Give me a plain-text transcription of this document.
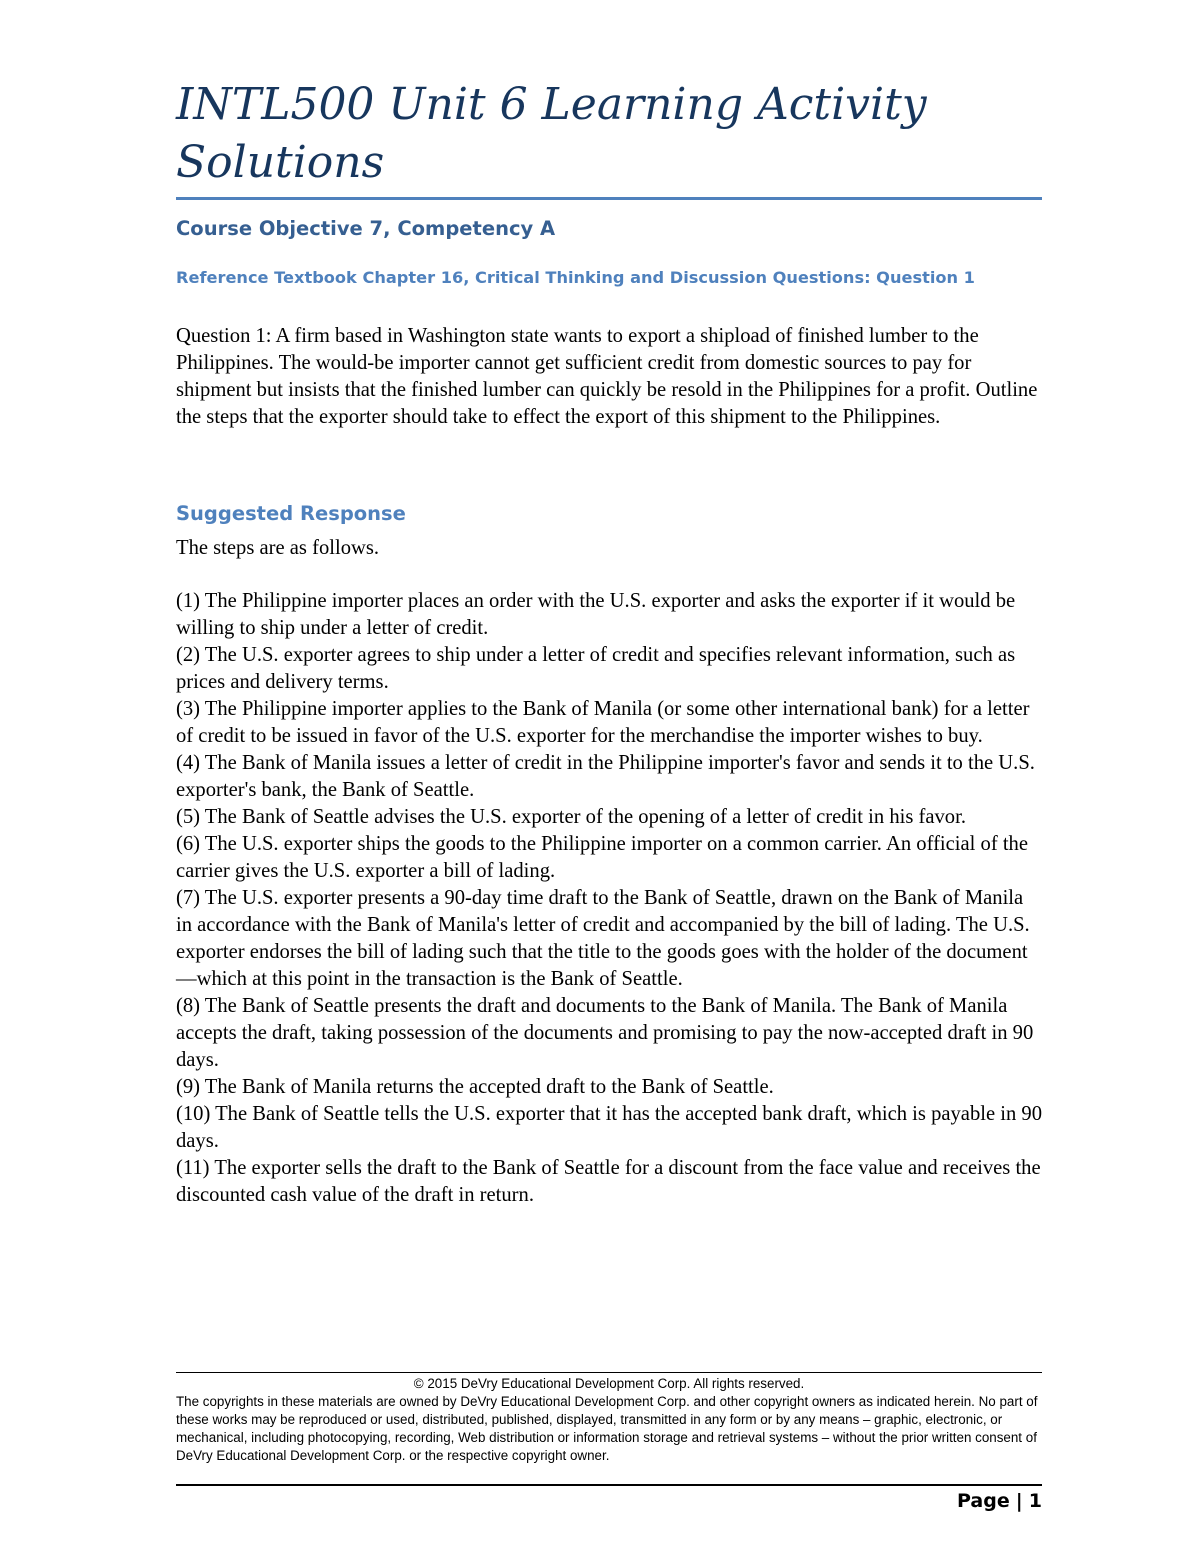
INTL500 Unit 6 Learning Activity Solutions
Course Objective 7, Competency A
Reference Textbook Chapter 16, Critical Thinking and Discussion Questions: Question 1

Question 1: A firm based in Washington state wants to export a shipload of finished lumber to the Philippines. The would-be importer cannot get sufficient credit from domestic sources to pay for shipment but insists that the finished lumber can quickly be resold in the Philippines for a profit. Outline the steps that the exporter should take to effect the export of this shipment to the Philippines.

Suggested Response

The steps are as follows.

(1) The Philippine importer places an order with the U.S. exporter and asks the exporter if it would be willing to ship under a letter of credit.
(2) The U.S. exporter agrees to ship under a letter of credit and specifies relevant information, such as prices and delivery terms.
(3) The Philippine importer applies to the Bank of Manila (or some other international bank) for a letter of credit to be issued in favor of the U.S. exporter for the merchandise the importer wishes to buy.
(4) The Bank of Manila issues a letter of credit in the Philippine importer's favor and sends it to the U.S. exporter's bank, the Bank of Seattle.
(5) The Bank of Seattle advises the U.S. exporter of the opening of a letter of credit in his favor.
(6) The U.S. exporter ships the goods to the Philippine importer on a common carrier. An official of the carrier gives the U.S. exporter a bill of lading.
(7) The U.S. exporter presents a 90-day time draft to the Bank of Seattle, drawn on the Bank of Manila in accordance with the Bank of Manila's letter of credit and accompanied by the bill of lading. The U.S. exporter endorses the bill of lading such that the title to the goods goes with the holder of the document—which at this point in the transaction is the Bank of Seattle.
(8) The Bank of Seattle presents the draft and documents to the Bank of Manila. The Bank of Manila accepts the draft, taking possession of the documents and promising to pay the now-accepted draft in 90 days.
(9) The Bank of Manila returns the accepted draft to the Bank of Seattle.
(10) The Bank of Seattle tells the U.S. exporter that it has the accepted bank draft, which is payable in 90 days.
(11) The exporter sells the draft to the Bank of Seattle for a discount from the face value and receives the discounted cash value of the draft in return.

© 2015 DeVry Educational Development Corp. All rights reserved.

The copyrights in these materials are owned by DeVry Educational Development Corp. and other copyright owners as indicated herein. No part of these works may be reproduced or used, distributed, published, displayed, transmitted in any form or by any means – graphic, electronic, or mechanical, including photocopying, recording, Web distribution or information storage and retrieval systems – without the prior written consent of DeVry Educational Development Corp. or the respective copyright owner.

Page | 1
